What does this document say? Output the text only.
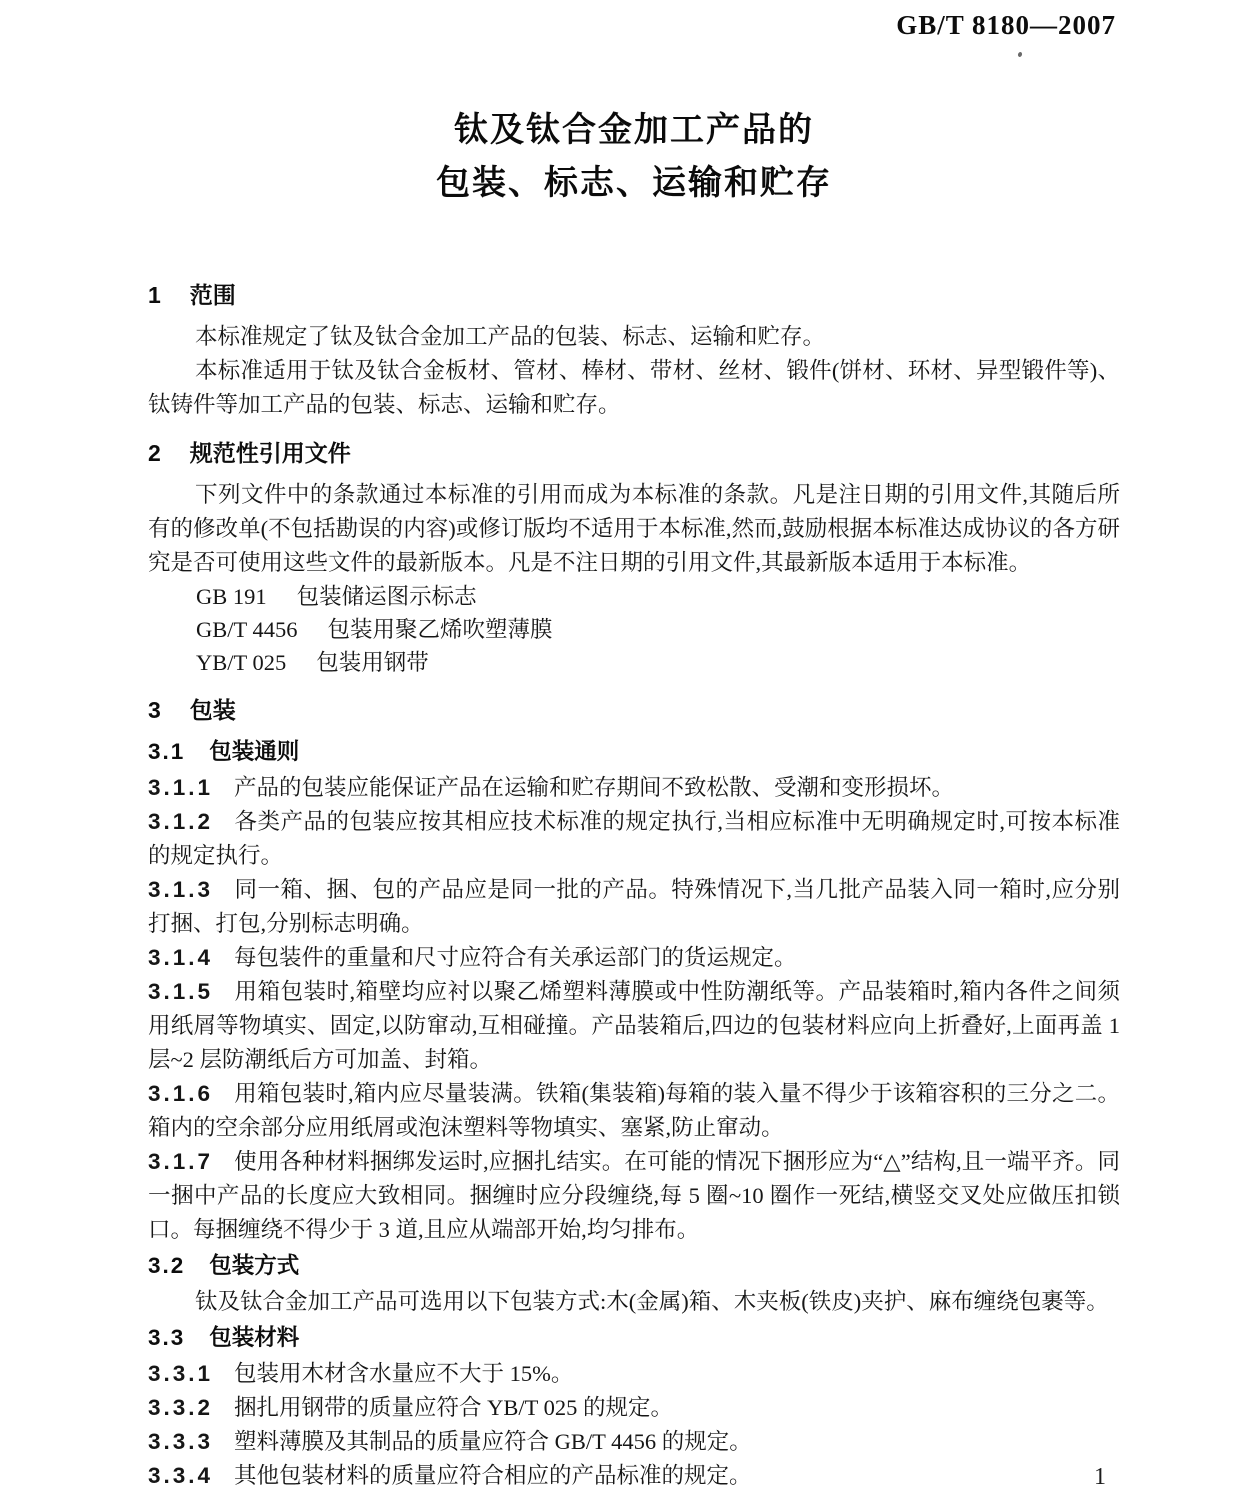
GB/T 8180—2007
钛及钛合金加工产品的
包装、标志、运输和贮存
1 范围

本标准规定了钛及钛合金加工产品的包装、标志、运输和贮存。

本标准适用于钛及钛合金板材、管材、棒材、带材、丝材、锻件(饼材、环材、异型锻件等)、钛铸件等加工产品的包装、标志、运输和贮存。

2 规范性引用文件

下列文件中的条款通过本标准的引用而成为本标准的条款。凡是注日期的引用文件,其随后所有的修改单(不包括勘误的内容)或修订版均不适用于本标准,然而,鼓励根据本标准达成协议的各方研究是否可使用这些文件的最新版本。凡是不注日期的引用文件,其最新版本适用于本标准。

GB 191 包装储运图示标志

GB/T 4456 包装用聚乙烯吹塑薄膜

YB/T 025 包装用钢带

3 包装
3.1 包装通则

3.1.1 产品的包装应能保证产品在运输和贮存期间不致松散、受潮和变形损坏。

3.1.2 各类产品的包装应按其相应技术标准的规定执行,当相应标准中无明确规定时,可按本标准的规定执行。

3.1.3 同一箱、捆、包的产品应是同一批的产品。特殊情况下,当几批产品装入同一箱时,应分别打捆、打包,分别标志明确。

3.1.4 每包装件的重量和尺寸应符合有关承运部门的货运规定。

3.1.5 用箱包装时,箱壁均应衬以聚乙烯塑料薄膜或中性防潮纸等。产品装箱时,箱内各件之间须用纸屑等物填实、固定,以防窜动,互相碰撞。产品装箱后,四边的包装材料应向上折叠好,上面再盖 1 层~2 层防潮纸后方可加盖、封箱。

3.1.6 用箱包装时,箱内应尽量装满。铁箱(集装箱)每箱的装入量不得少于该箱容积的三分之二。箱内的空余部分应用纸屑或泡沫塑料等物填实、塞紧,防止窜动。

3.1.7 使用各种材料捆绑发运时,应捆扎结实。在可能的情况下捆形应为“△”结构,且一端平齐。同一捆中产品的长度应大致相同。捆缠时应分段缠绕,每 5 圈~10 圈作一死结,横竖交叉处应做压扣锁口。每捆缠绕不得少于 3 道,且应从端部开始,均匀排布。

3.2 包装方式

钛及钛合金加工产品可选用以下包装方式:木(金属)箱、木夹板(铁皮)夹护、麻布缠绕包裹等。

3.3 包装材料

3.3.1 包装用木材含水量应不大于 15%。

3.3.2 捆扎用钢带的质量应符合 YB/T 025 的规定。

3.3.3 塑料薄膜及其制品的质量应符合 GB/T 4456 的规定。

3.3.4 其他包装材料的质量应符合相应的产品标准的规定。	1
